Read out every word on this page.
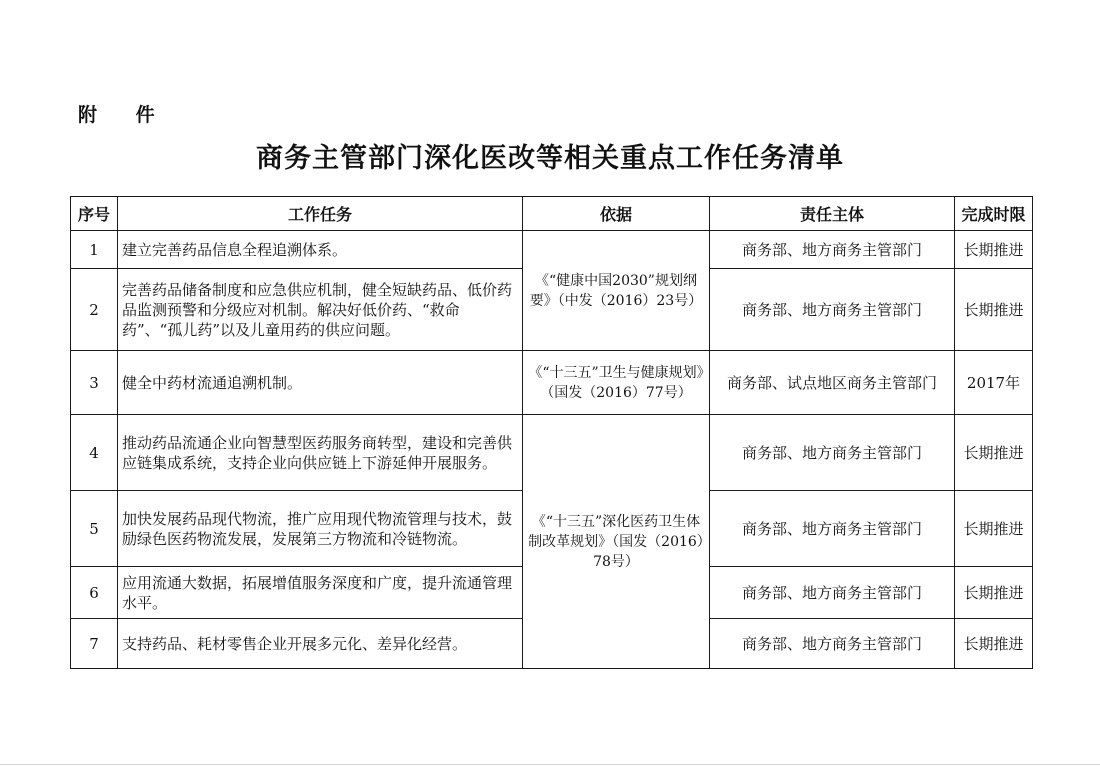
附 件
商务主管部门深化医改等相关重点工作任务清单
序号	工作任务	依据	责任主体	完成时限
1	建立完善药品信息全程追溯体系。	《“健康中国2030”规划纲要》（中发（2016）23号）	商务部、地方商务主管部门	长期推进
2	完善药品储备制度和应急供应机制，健全短缺药品、低价药品监测预警和分级应对机制。解决好低价药、“救命药”、“孤儿药”以及儿童用药的供应问题。		商务部、地方商务主管部门	长期推进
3	健全中药材流通追溯机制。	《“十三五”卫生与健康规划》（国发（2016）77号）	商务部、试点地区商务主管部门	2017年
4	推动药品流通企业向智慧型医药服务商转型，建设和完善供应链集成系统，支持企业向供应链上下游延伸开展服务。	《“十三五”深化医药卫生体制改革规划》（国发（2016）78号）	商务部、地方商务主管部门	长期推进
5	加快发展药品现代物流，推广应用现代物流管理与技术，鼓励绿色医药物流发展，发展第三方物流和冷链物流。		商务部、地方商务主管部门	长期推进
6	应用流通大数据，拓展增值服务深度和广度，提升流通管理水平。		商务部、地方商务主管部门	长期推进
7	支持药品、耗材零售企业开展多元化、差异化经营。		商务部、地方商务主管部门	长期推进
